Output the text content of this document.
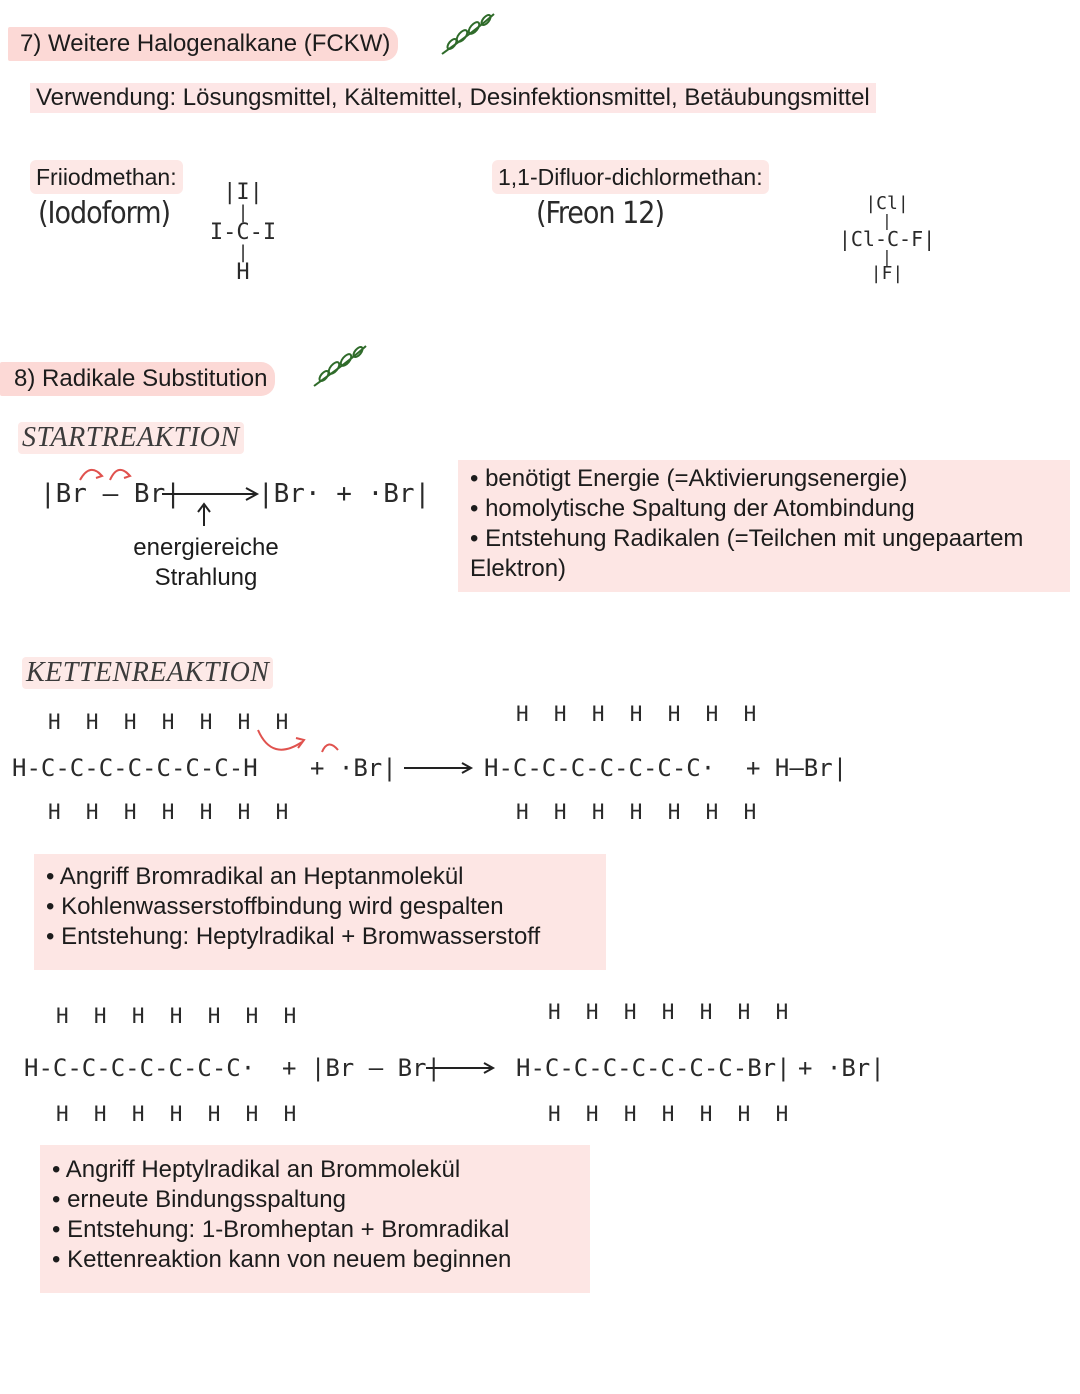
7) Weitere Halogenalkane (FCKW)
Verwendung: Lösungsmittel, Kältemittel, Desinfektionsmittel, Betäubungsmittel
Friiodmethan:
(Iodoform)
|I|
|
I-C-I
|
H
1,1-Difluor-dichlormethan:
(Freon 12)	|Cl|
|
|Cl-C-F|
|
|F|
8) Radikale Substitution
STARTREAKTION
|Br — Br|	|Br· + ·Br|
energiereiche Strahlung
• benötigt Energie (=Aktivierungsenergie)
• homolytische Spaltung der Atombindung
• Entstehung Radikalen (=Teilchen mit ungepaartem Elektron)
KETTENREAKTION
H  H  H  H  H  H  H
H-C-C-C-C-C-C-C-H
H  H  H  H  H  H  H
+ ·Br|
H  H  H  H  H  H  H
H-C-C-C-C-C-C-C·
H  H  H  H  H  H  H
+ H—Br|
• Angriff Bromradikal an Heptanmolekül
• Kohlenwasserstoffbindung wird gespalten
• Entstehung: Heptylradikal + Bromwasserstoff
H  H  H  H  H  H  H
H-C-C-C-C-C-C-C·
H  H  H  H  H  H  H
+ |Br — Br|
H  H  H  H  H  H  H
H-C-C-C-C-C-C-C-Br|
H  H  H  H  H  H  H
+ ·Br|
• Angriff Heptylradikal an Brommolekül
• erneute Bindungsspaltung
• Entstehung: 1-Bromheptan + Bromradikal
• Kettenreaktion kann von neuem beginnen
